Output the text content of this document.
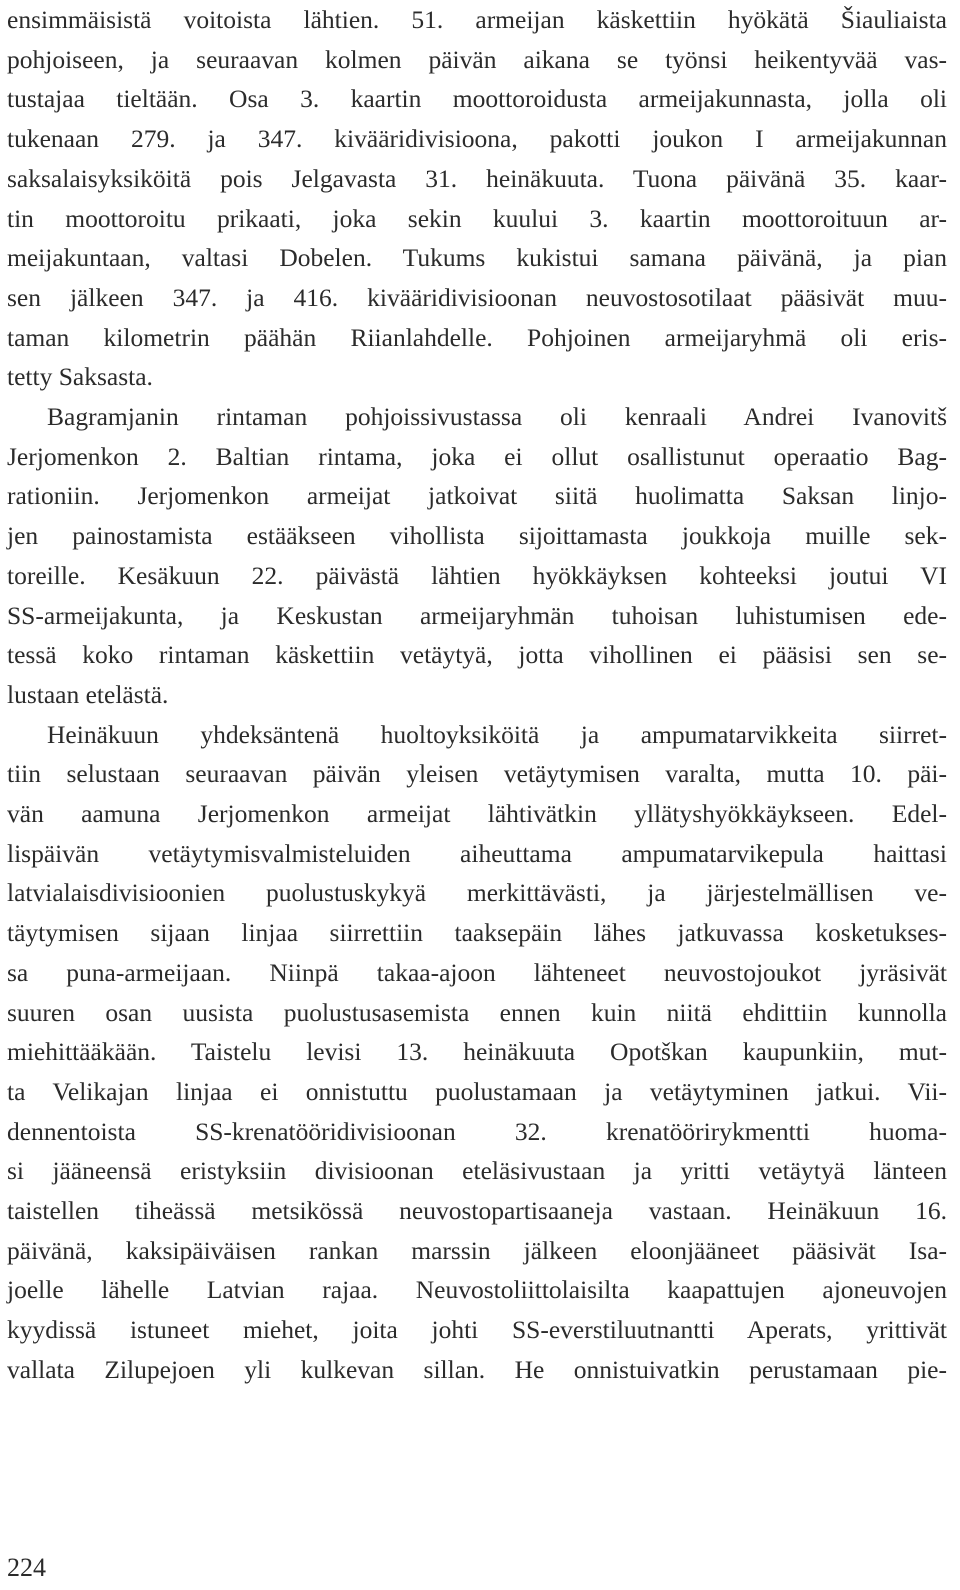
ensimmäisistä voitoista lähtien. 51. armeijan käskettiin hyökätä Šiauliaista
pohjoiseen, ja seuraavan kolmen päivän aikana se työnsi heikentyvää vas-
tustajaa tieltään. Osa 3. kaartin moottoroidusta armeijakunnasta, jolla oli
tukenaan 279. ja 347. kivääridivisioona, pakotti joukon I armeijakunnan
saksalaisyksiköitä pois Jelgavasta 31. heinäkuuta. Tuona päivänä 35. kaar-
tin moottoroitu prikaati, joka sekin kuului 3. kaartin moottoroituun ar-
meijakuntaan, valtasi Dobelen. Tukums kukistui samana päivänä, ja pian
sen jälkeen 347. ja 416. kivääridivisioonan neuvostosotilaat pääsivät muu-
taman kilometrin päähän Riianlahdelle. Pohjoinen armeijaryhmä oli eris-
tetty Saksasta.
Bagramjanin rintaman pohjoissivustassa oli kenraali Andrei Ivanovitš
Jerjomenkon 2. Baltian rintama, joka ei ollut osallistunut operaatio Bag-
rationiin. Jerjomenkon armeijat jatkoivat siitä huolimatta Saksan linjo-
jen painostamista estääkseen vihollista sijoittamasta joukkoja muille sek-
toreille. Kesäkuun 22. päivästä lähtien hyökkäyksen kohteeksi joutui VI
SS-armeijakunta, ja Keskustan armeijaryhmän tuhoisan luhistumisen ede-
tessä koko rintaman käskettiin vetäytyä, jotta vihollinen ei pääsisi sen se-
lustaan etelästä.
Heinäkuun yhdeksäntenä huoltoyksiköitä ja ampumatarvikkeita siirret-
tiin selustaan seuraavan päivän yleisen vetäytymisen varalta, mutta 10. päi-
vän aamuna Jerjomenkon armeijat lähtivätkin yllätyshyökkäykseen. Edel-
lispäivän vetäytymisvalmisteluiden aiheuttama ampumatarvikepula haittasi
latvialaisdivisioonien puolustuskykyä merkittävästi, ja järjestelmällisen ve-
täytymisen sijaan linjaa siirrettiin taaksepäin lähes jatkuvassa kosketukses-
sa puna-armeijaan. Niinpä takaa-ajoon lähteneet neuvostojoukot jyräsivät
suuren osan uusista puolustusasemista ennen kuin niitä ehdittiin kunnolla
miehittääkään. Taistelu levisi 13. heinäkuuta Opotškan kaupunkiin, mut-
ta Velikajan linjaa ei onnistuttu puolustamaan ja vetäytyminen jatkui. Vii-
dennentoista SS-krenatööridivisioonan 32. krenatöörirykmentti huoma-
si jääneensä eristyksiin divisioonan eteläsivustaan ja yritti vetäytyä länteen
taistellen tiheässä metsikössä neuvostopartisaaneja vastaan. Heinäkuun 16.
päivänä, kaksipäiväisen rankan marssin jälkeen eloonjääneet pääsivät Isa-
joelle lähelle Latvian rajaa. Neuvostoliittolaisilta kaapattujen ajoneuvojen
kyydissä istuneet miehet, joita johti SS-everstiluutnantti Aperats, yrittivät
vallata Zilupejoen yli kulkevan sillan. He onnistuivatkin perustamaan pie-
224
